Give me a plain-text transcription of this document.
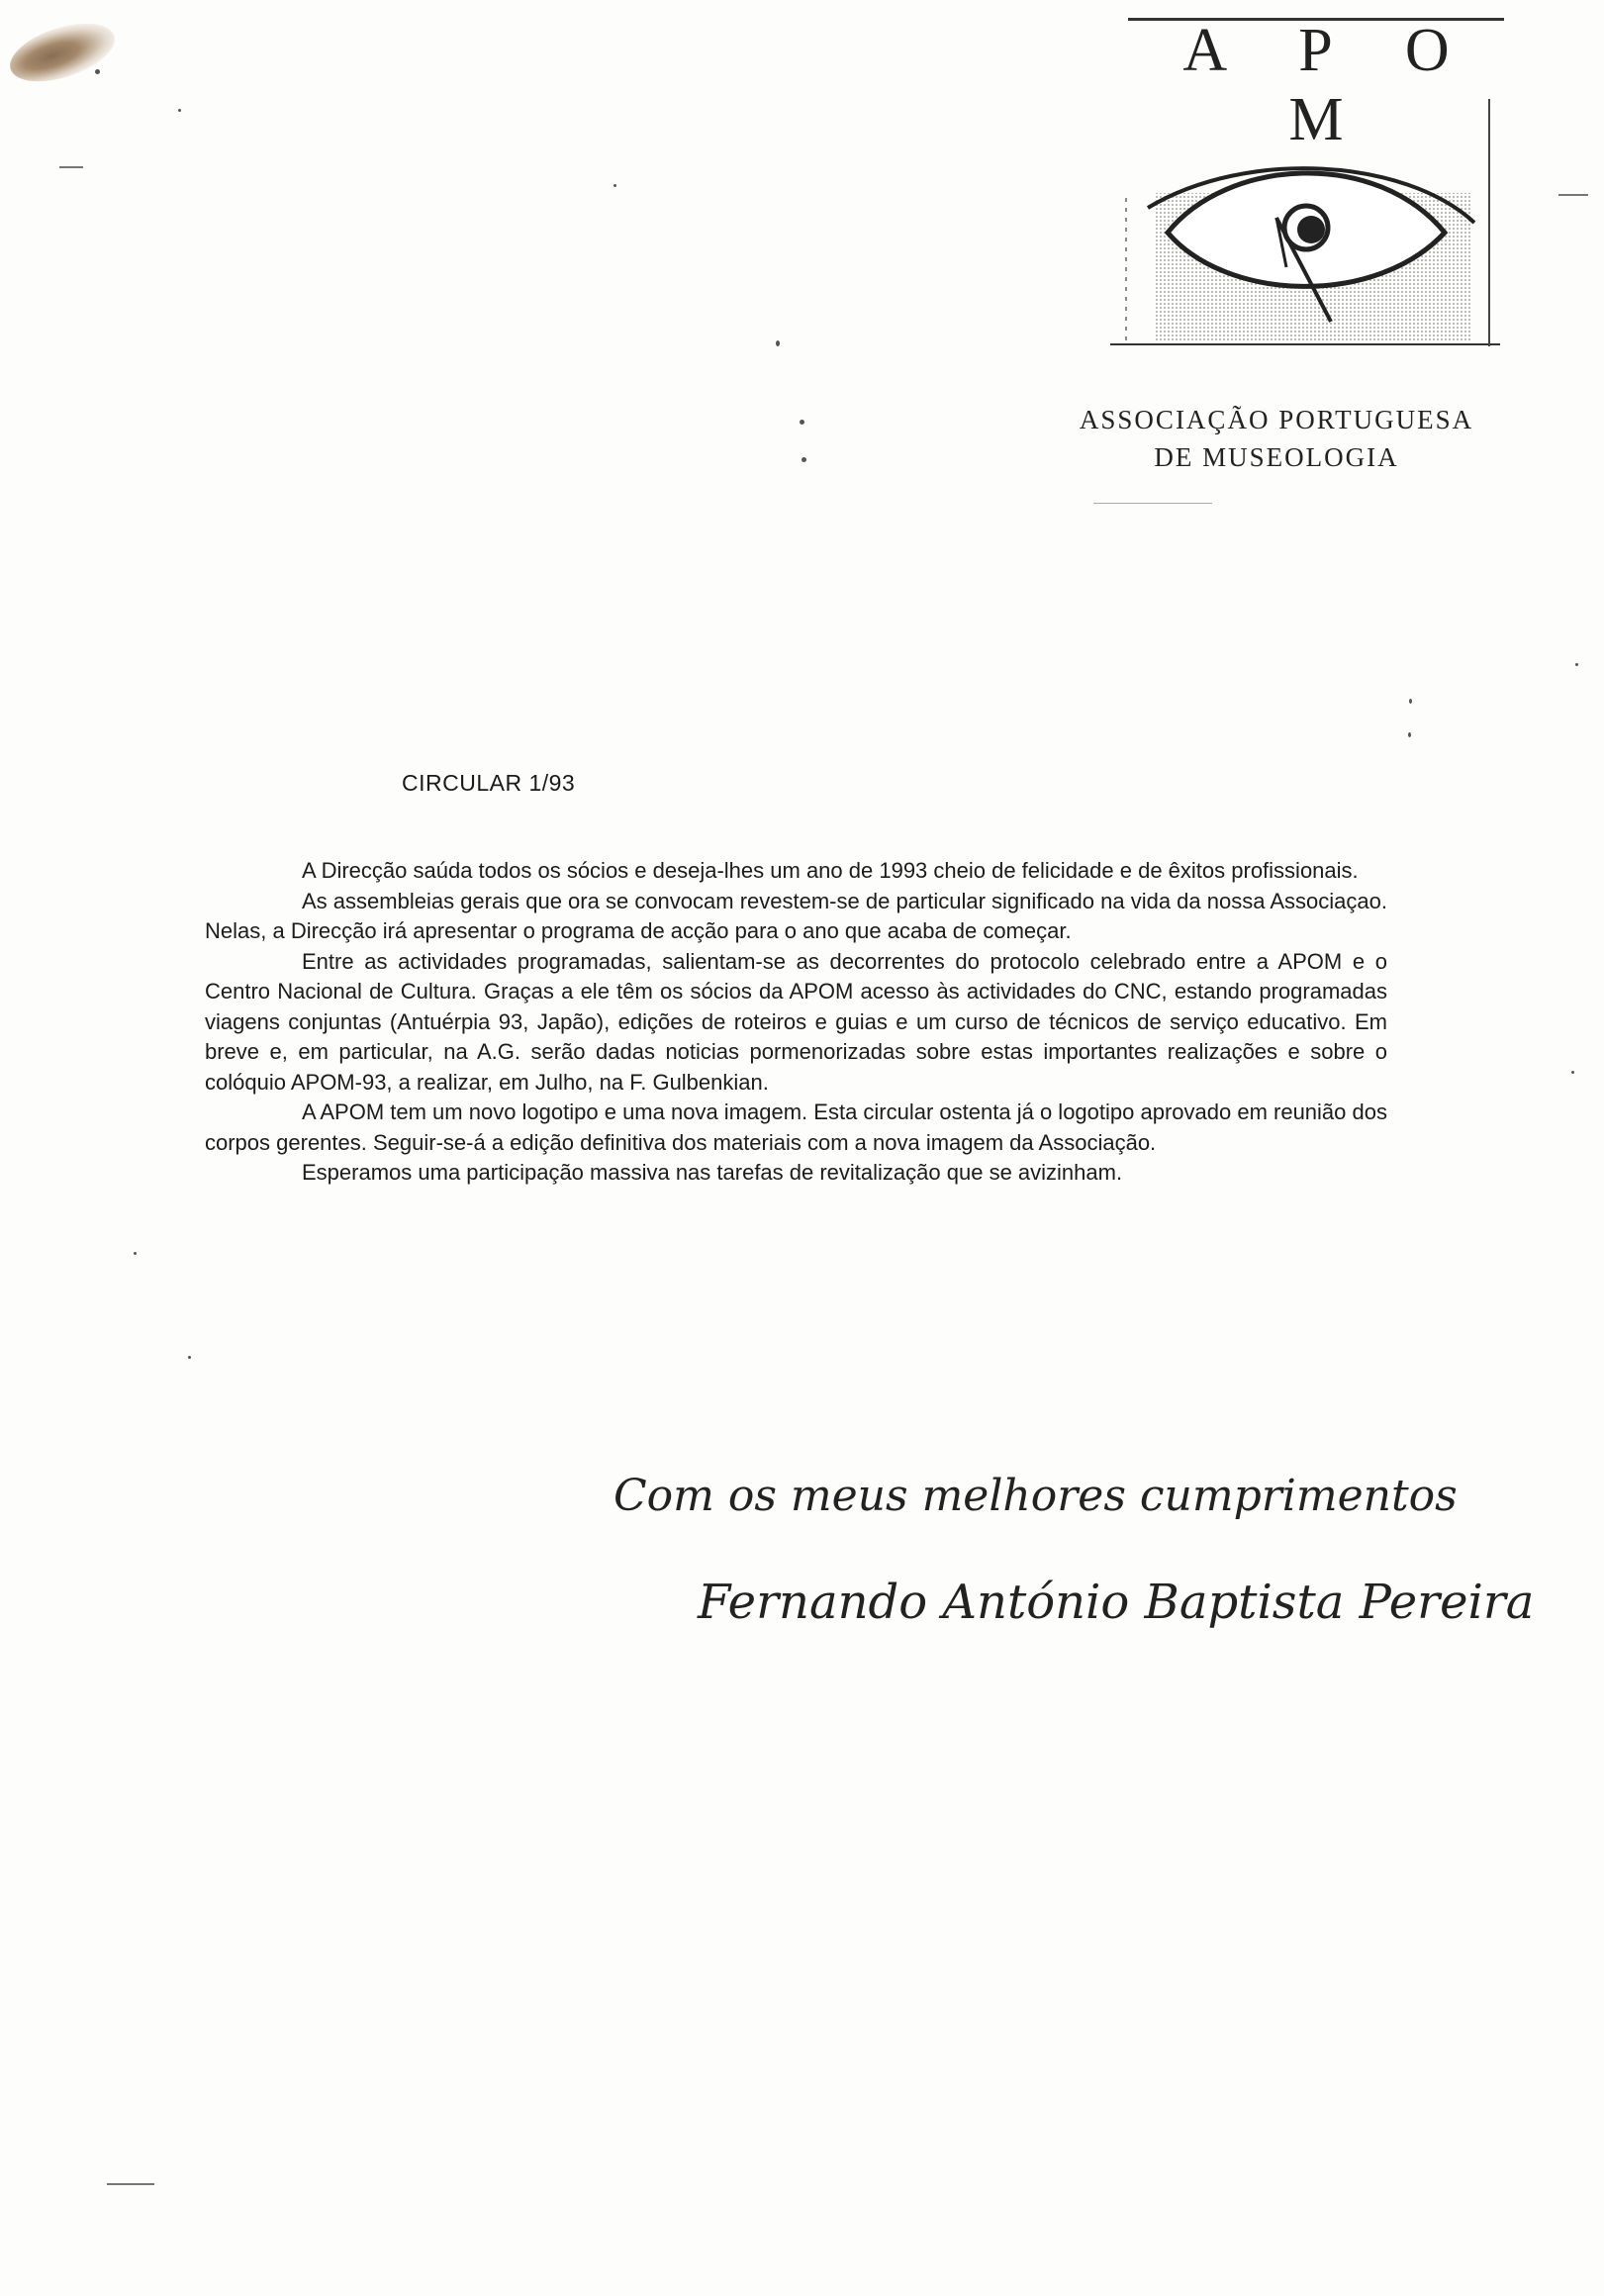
A P O M
ASSOCIAÇÃO PORTUGUESA
DE MUSEOLOGIA
CIRCULAR 1/93

A Direcção saúda todos os sócios e deseja-lhes um ano de 1993 cheio de felicidade e de êxitos profissionais.

As assembleias gerais que ora se convocam revestem-se de particular significado na vida da nossa Associaçao. Nelas, a Direcção irá apresentar o programa de acção para o ano que acaba de começar.

Entre as actividades programadas, salientam-se as decorrentes do protocolo celebrado entre a APOM e o Centro Nacional de Cultura. Graças a ele têm os sócios da APOM acesso às actividades do CNC, estando programadas viagens conjuntas (Antuérpia 93, Japão), edições de roteiros e guias e um curso de técnicos de serviço educativo. Em breve e, em particular, na A.G. serão dadas noticias pormenorizadas sobre estas importantes realizações e sobre o colóquio APOM-93, a realizar, em Julho, na F. Gulbenkian.

A APOM tem um novo logotipo e uma nova imagem. Esta circular ostenta já o logotipo aprovado em reunião dos corpos gerentes. Seguir-se-á a edição definitiva dos materiais com a nova imagem da Associação.

Esperamos uma participação massiva nas tarefas de revitalização que se avizinham.

Com os meus melhores cumprimentos
Fernando António Baptista Pereira
